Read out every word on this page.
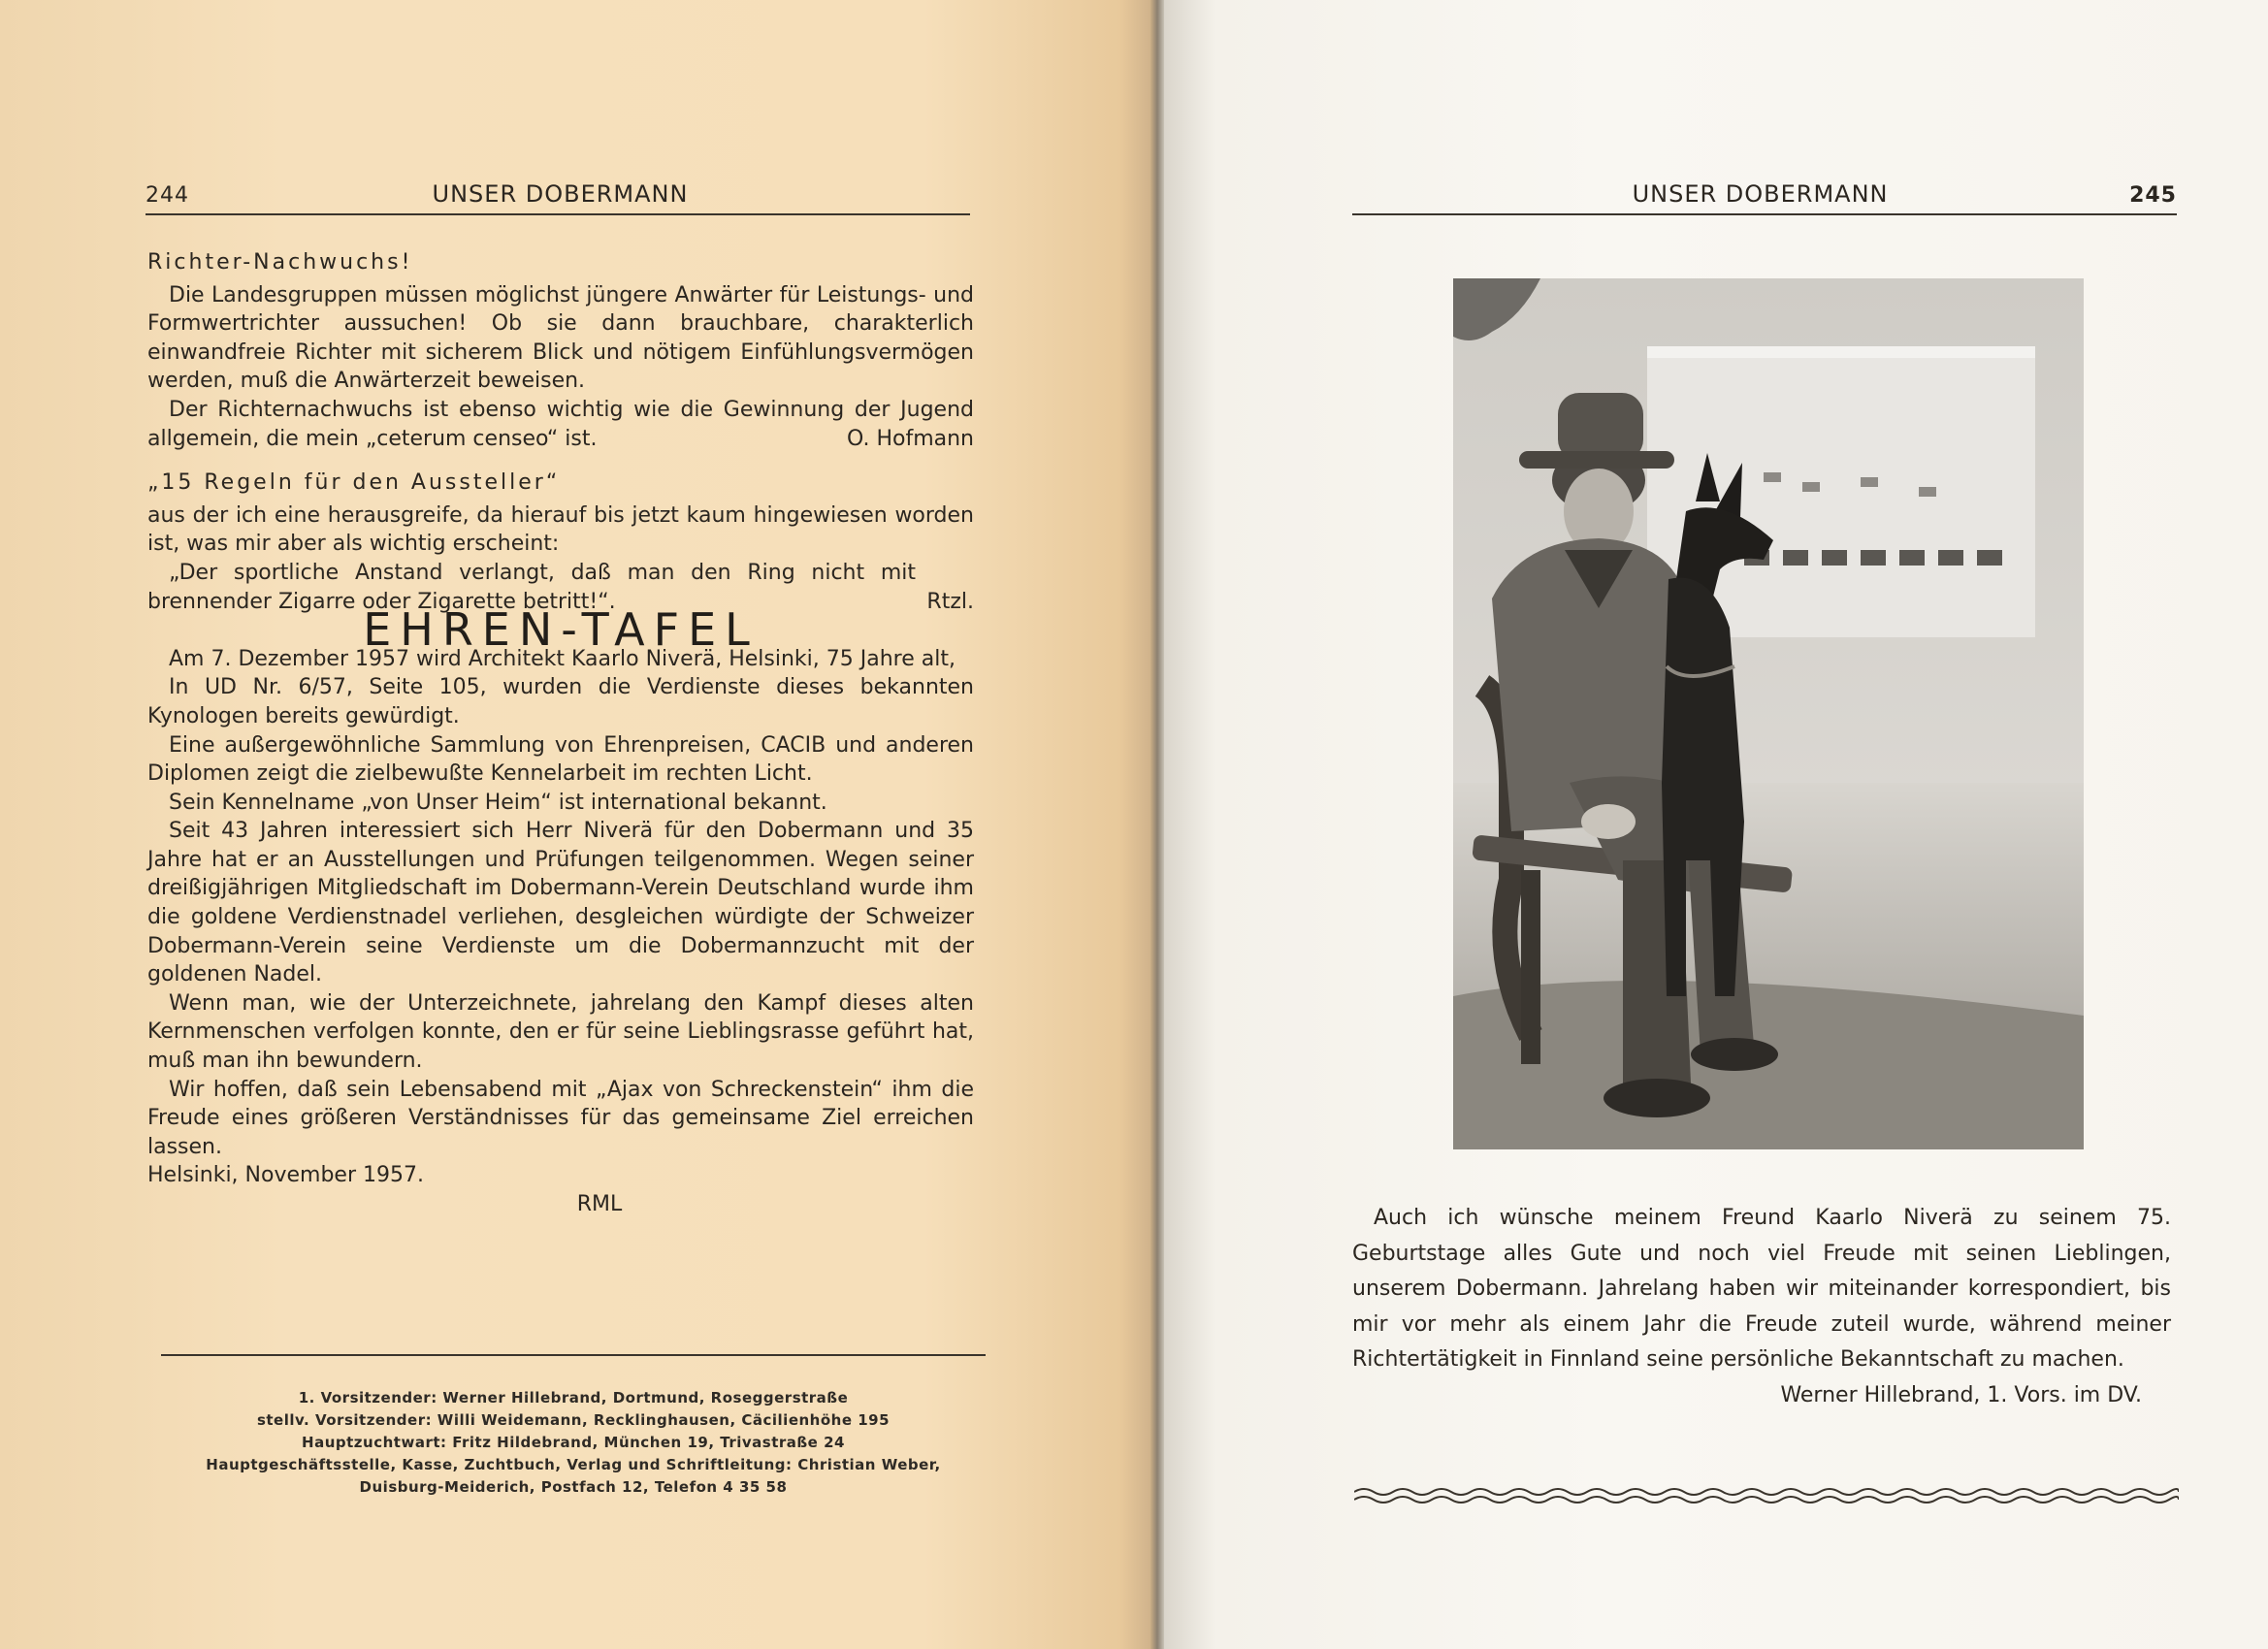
244	UNSER DOBERMANN

Richter-Nachwuchs!

Die Landesgruppen müssen möglichst jüngere Anwärter für Leistungs- und Formwertrichter aussuchen! Ob sie dann brauchbare, charakterlich einwandfreie Richter mit sicherem Blick und nötigem Einfühlungsvermögen werden, muß die Anwärterzeit beweisen.

Der Richternachwuchs ist ebenso wichtig wie die Gewinnung der Jugend allgemein, die mein „ceterum censeo“ ist.	O. Hofmann

„15 Regeln für den Aussteller“

aus der ich eine herausgreife, da hierauf bis jetzt kaum hingewiesen worden ist, was mir aber als wichtig erscheint:

„Der sportliche Anstand verlangt, daß man den Ring nicht mit brennender Zigarre oder Zigarette betritt!“.	Rtzl.

EHREN-TAFEL

Am 7. Dezember 1957 wird Architekt Kaarlo Niverä, Helsinki, 75 Jahre alt,

In UD Nr. 6/57, Seite 105, wurden die Verdienste dieses bekannten Kynologen bereits gewürdigt.

Eine außergewöhnliche Sammlung von Ehrenpreisen, CACIB und anderen Diplomen zeigt die zielbewußte Kennelarbeit im rechten Licht.

Sein Kennelname „von Unser Heim“ ist international bekannt.

Seit 43 Jahren interessiert sich Herr Niverä für den Dobermann und 35 Jahre hat er an Ausstellungen und Prüfungen teilgenommen. Wegen seiner dreißigjährigen Mitgliedschaft im Dobermann-Verein Deutschland wurde ihm die goldene Verdienstnadel verliehen, desgleichen würdigte der Schweizer Dobermann-Verein seine Verdienste um die Dobermannzucht mit der goldenen Nadel.

Wenn man, wie der Unterzeichnete, jahrelang den Kampf dieses alten Kernmenschen verfolgen konnte, den er für seine Lieblingsrasse geführt hat, muß man ihn bewundern.

Wir hoffen, daß sein Lebensabend mit „Ajax von Schreckenstein“ ihm die Freude eines größeren Verständnisses für das gemeinsame Ziel erreichen lassen.

Helsinki, November 1957.

RML

1. Vorsitzender: Werner Hillebrand, Dortmund, Roseggerstraße
stellv. Vorsitzender: Willi Weidemann, Recklinghausen, Cäcilienhöhe 195
Hauptzuchtwart: Fritz Hildebrand, München 19, Trivastraße 24
Hauptgeschäftsstelle, Kasse, Zuchtbuch, Verlag und Schriftleitung: Christian Weber,
Duisburg-Meiderich, Postfach 12, Telefon 4 35 58
UNSER DOBERMANN	245

Auch ich wünsche meinem Freund Kaarlo Niverä zu seinem 75. Geburtstage alles Gute und noch viel Freude mit seinen Lieblingen, unserem Dobermann. Jahrelang haben wir miteinander korrespondiert, bis mir vor mehr als einem Jahr die Freude zuteil wurde, während meiner Richtertätigkeit in Finnland seine persönliche Bekanntschaft zu machen.

Werner Hillebrand, 1. Vors. im DV.
